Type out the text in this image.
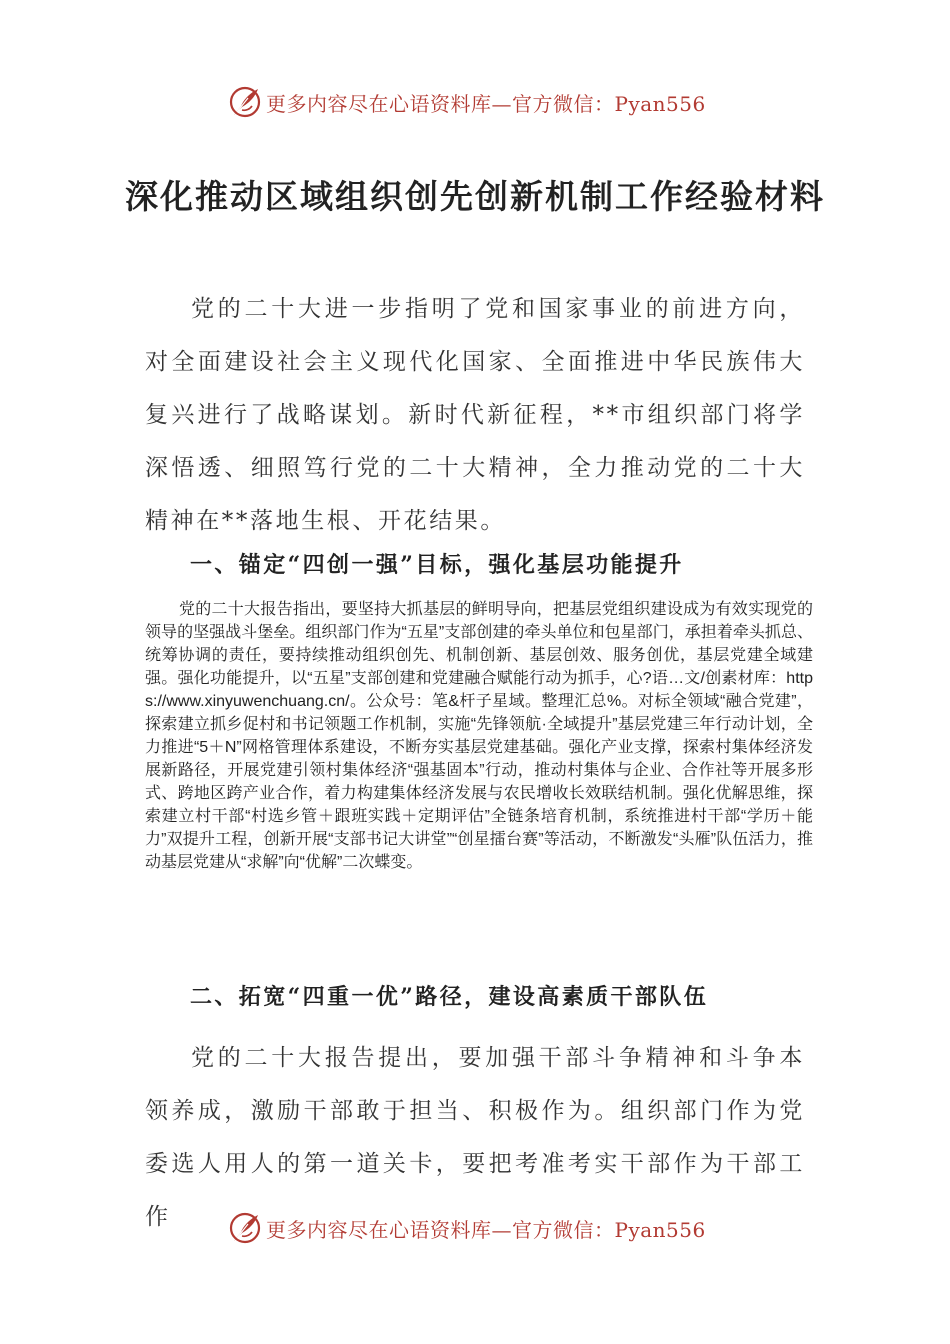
更多内容尽在心语资料库—官方微信：Pyan556
深化推动区域组织创先创新机制工作经验材料

党的二十大进一步指明了党和国家事业的前进方向，对全面建设社会主义现代化国家、全面推进中华民族伟大复兴进行了战略谋划。新时代新征程，**市组织部门将学深悟透、细照笃行党的二十大精神，全力推动党的二十大精神在**落地生根、开花结果。

一、锚定“四创一强”目标，强化基层功能提升

党的二十大报告指出，要坚持大抓基层的鲜明导向，把基层党组织建设成为有效实现党的领导的坚强战斗堡垒。组织部门作为“五星”支部创建的牵头单位和包星部门，承担着牵头抓总、统筹协调的责任，要持续推动组织创先、机制创新、基层创效、服务创优，基层党建全域建强。强化功能提升，以“五星”支部创建和党建融合赋能行动为抓手，心?语…文/创素材库：https://www.xinyuwenchuang.cn/。公众号：笔&杆子星域。整理汇总%。对标全领域“融合党建”，探索建立抓乡促村和书记领题工作机制，实施“先锋领航·全域提升”基层党建三年行动计划，全力推进“5＋N”网格管理体系建设，不断夯实基层党建基础。强化产业支撑，探索村集体经济发展新路径，开展党建引领村集体经济“强基固本”行动，推动村集体与企业、合作社等开展多形式、跨地区跨产业合作，着力构建集体经济发展与农民增收长效联结机制。强化优解思维，探索建立村干部“村选乡管＋跟班实践＋定期评估”全链条培育机制，系统推进村干部“学历＋能力”双提升工程，创新开展“支部书记大讲堂”“创星擂台赛”等活动，不断激发“头雁”队伍活力，推动基层党建从“求解”向“优解”二次蝶变。

二、拓宽“四重一优”路径，建设高素质干部队伍

党的二十大报告提出，要加强干部斗争精神和斗争本领养成，激励干部敢于担当、积极作为。组织部门作为党委选人用人的第一道关卡，要把考准考实干部作为干部工作	更多内容尽在心语资料库—官方微信：Pyan556
